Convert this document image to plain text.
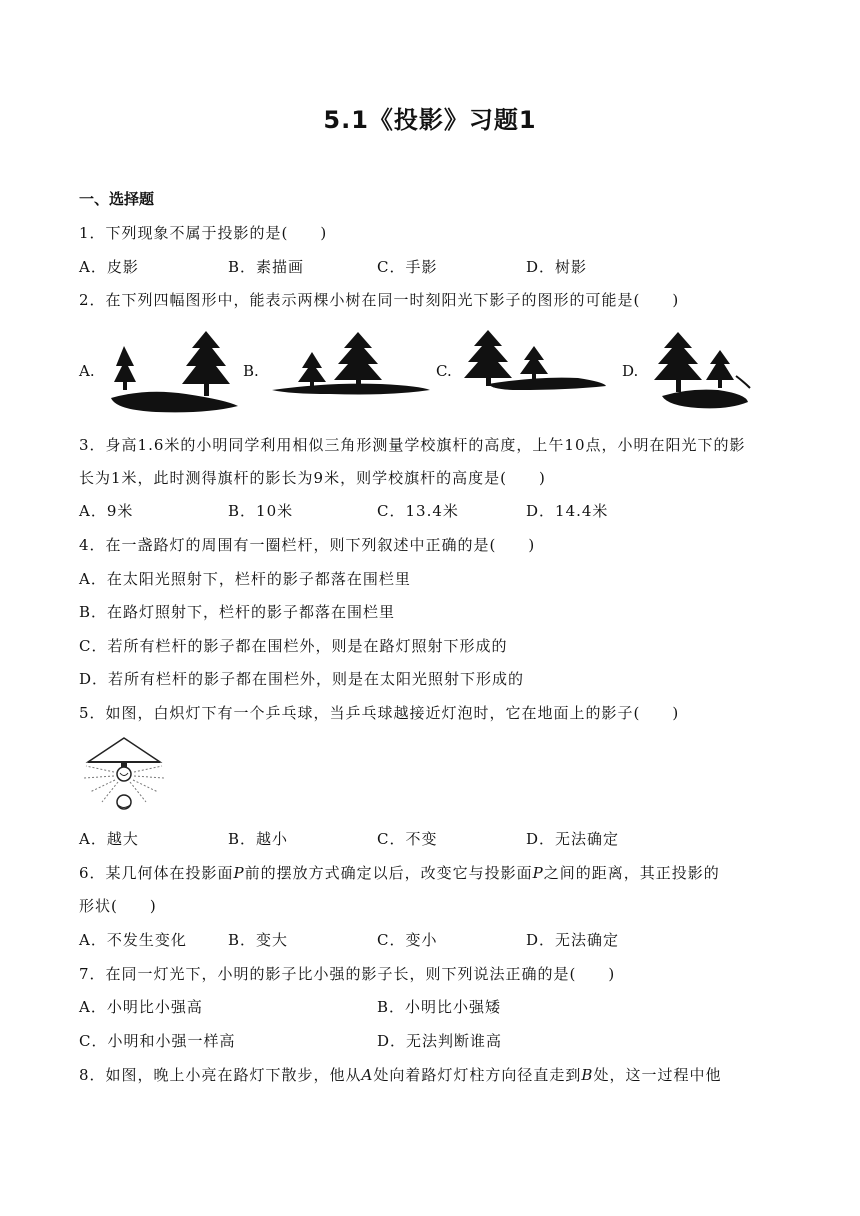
5.1《投影》习题1
一、选择题
1．下列现象不属于投影的是(　　)
A．皮影	B．素描画	C．手影	D．树影
2．在下列四幅图形中，能表示两棵小树在同一时刻阳光下影子的图形的可能是(　　)
A.	B.	C.	D.
3．身高1.6米的小明同学利用相似三角形测量学校旗杆的高度，上午10点，小明在阳光下的影
长为1米，此时测得旗杆的影长为9米，则学校旗杆的高度是(　　)
A．9米	B．10米	C．13.4米	D．14.4米
4．在一盏路灯的周围有一圈栏杆，则下列叙述中正确的是(　　)
A．在太阳光照射下，栏杆的影子都落在围栏里
B．在路灯照射下，栏杆的影子都落在围栏里
C．若所有栏杆的影子都在围栏外，则是在路灯照射下形成的
D．若所有栏杆的影子都在围栏外，则是在太阳光照射下形成的
5．如图，白炽灯下有一个乒乓球，当乒乓球越接近灯泡时，它在地面上的影子(　　)
A．越大	B．越小	C．不变	D．无法确定
6．某几何体在投影面P前的摆放方式确定以后，改变它与投影面P之间的距离，其正投影的
形状(　　)
A．不发生变化	B．变大	C．变小	D．无法确定
7．在同一灯光下，小明的影子比小强的影子长，则下列说法正确的是(　　)
A．小明比小强高	B．小明比小强矮
C．小明和小强一样高	D．无法判断谁高
8．如图，晚上小亮在路灯下散步，他从A处向着路灯灯柱方向径直走到B处，这一过程中他
